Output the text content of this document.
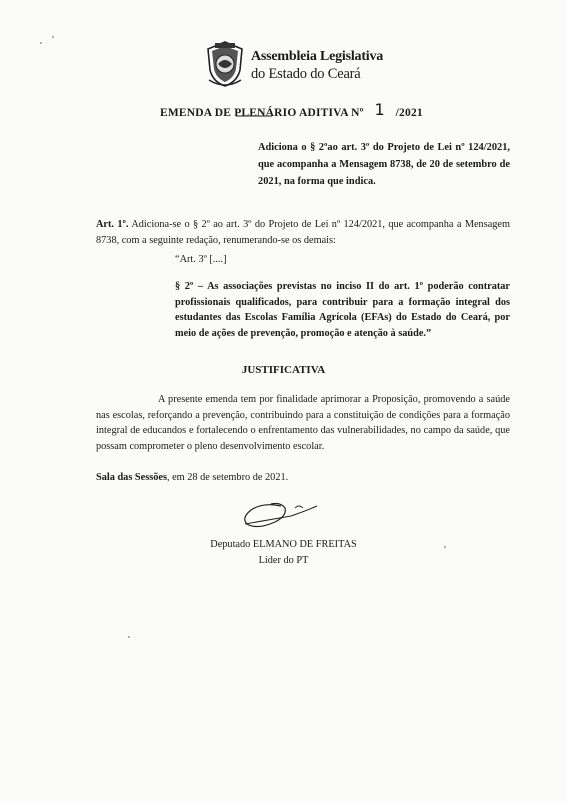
Assembleia Legislativa
do Estado do Ceará
EMENDA DE PLENÁRIO ADITIVA Nº 1 /2021
Adiciona o § 2ºao art. 3º do Projeto de Lei nº 124/2021, que acompanha a Mensagem 8738, de 20 de setembro de 2021, na forma que indica.
Art. 1º. Adiciona-se o § 2º ao art. 3º do Projeto de Lei nº 124/2021, que acompanha a Mensagem 8738, com a seguinte redação, renumerando-se os demais:
“Art. 3º [....]
§ 2º – As associações previstas no inciso II do art. 1º poderão contratar profissionais qualificados, para contribuir para a formação integral dos estudantes das Escolas Família Agrícola (EFAs) do Estado do Ceará, por meio de ações de prevenção, promoção e atenção à saúde.”
JUSTIFICATIVA
A presente emenda tem por finalidade aprimorar a Proposição, promovendo a saúde nas escolas, reforçando a prevenção, contribuindo para a constituição de condições para a formação integral de educandos e fortalecendo o enfrentamento das vulnerabilidades, no campo da saúde, que possam comprometer o pleno desenvolvimento escolar.
Sala das Sessões, em 28 de setembro de 2021.
Deputado ELMANO DE FREITAS
Líder do PT
